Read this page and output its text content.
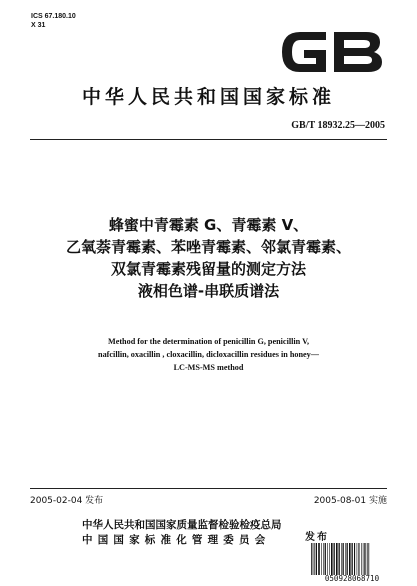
ICS 67.180.10
X 31
中华人民共和国国家标准
GB/T 18932.25—2005
蜂蜜中青霉素 G、青霉素 V、
乙氧萘青霉素、苯唑青霉素、邻氯青霉素、
双氯青霉素残留量的测定方法
液相色谱-串联质谱法
Method for the determination of penicillin G, penicillin V,
nafcillin, oxacillin , cloxacillin, dicloxacillin residues in honey—
LC-MS-MS method
2005-02-04 发布	2005-08-01 实施
中华人民共和国国家质量监督检验检疫总局
中国国家标准化管理委员会	发布
050928068710
